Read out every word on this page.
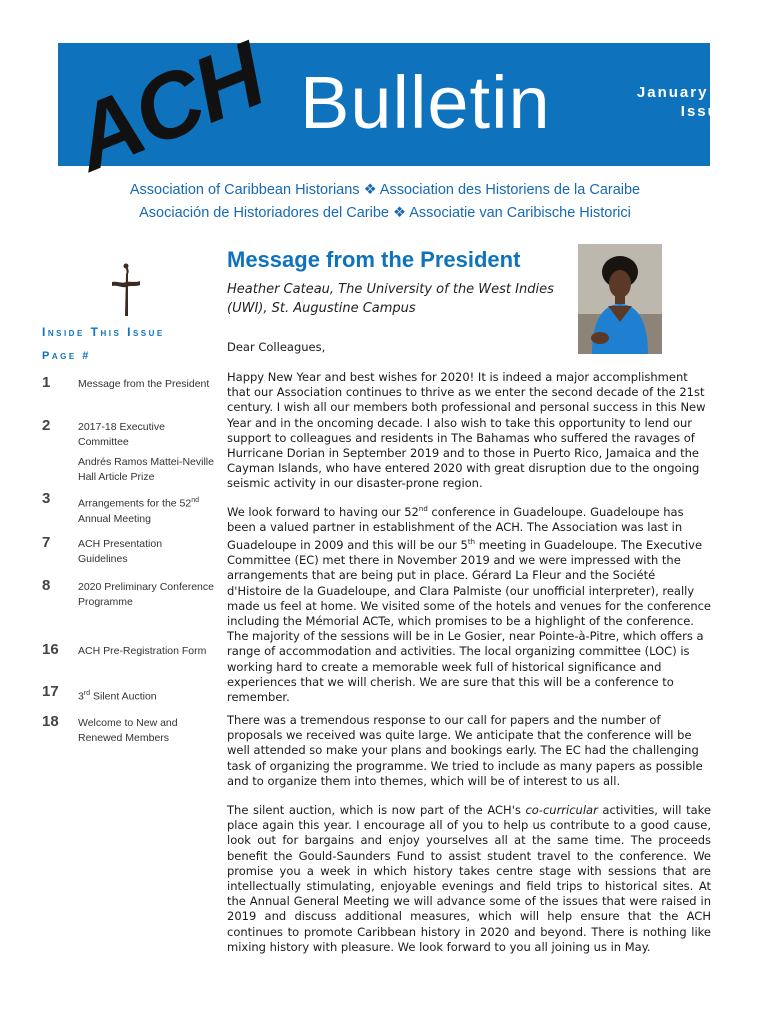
ACH Bulletin	January 2020
Issue 91
Association of Caribbean Historians ❖ Association des Historiens de la Caraibe
Asociación de Historiadores del Caribe ❖ Associatie van Caribische Historici
Inside This Issue
Page #
1	Message from the President
2	2017-18 Executive Committee
Andrés Ramos Mattei-Neville Hall Article Prize
3	Arrangements for the 52nd Annual Meeting
7	ACH Presentation Guidelines
8	2020 Preliminary Conference Programme
16 ACH Pre-Registration Form
17 3rd Silent Auction
18 Welcome to New and Renewed Members
Message from the President
Heather Cateau, The University of the West Indies (UWI), St. Augustine Campus
Dear Colleagues,
Happy New Year and best wishes for 2020! It is indeed a major accomplishment that our Association continues to thrive as we enter the second decade of the 21st century. I wish all our members both professional and personal success in this New Year and in the oncoming decade. I also wish to take this opportunity to lend our support to colleagues and residents in The Bahamas who suffered the ravages of Hurricane Dorian in September 2019 and to those in Puerto Rico, Jamaica and the Cayman Islands, who have entered 2020 with great disruption due to the ongoing seismic activity in our disaster-prone region.
We look forward to having our 52nd conference in Guadeloupe. Guadeloupe has been a valued partner in establishment of the ACH. The Association was last in Guadeloupe in 2009 and this will be our 5th meeting in Guadeloupe. The Executive Committee (EC) met there in November 2019 and we were impressed with the arrangements that are being put in place. Gérard La Fleur and the Société d'Histoire de la Guadeloupe, and Clara Palmiste (our unofficial interpreter), really made us feel at home. We visited some of the hotels and venues for the conference including the Mémorial ACTe, which promises to be a highlight of the conference. The majority of the sessions will be in Le Gosier, near Pointe-à-Pitre, which offers a range of accommodation and activities. The local organizing committee (LOC) is working hard to create a memorable week full of historical significance and experiences that we will cherish. We are sure that this will be a conference to remember.
There was a tremendous response to our call for papers and the number of proposals we received was quite large. We anticipate that the conference will be well attended so make your plans and bookings early. The EC had the challenging task of organizing the programme. We tried to include as many papers as possible and to organize them into themes, which will be of interest to us all.
The silent auction, which is now part of the ACH's co-curricular activities, will take place again this year. I encourage all of you to help us contribute to a good cause, look out for bargains and enjoy yourselves all at the same time. The proceeds benefit the Gould-Saunders Fund to assist student travel to the conference. We promise you a week in which history takes centre stage with sessions that are intellectually stimulating, enjoyable evenings and field trips to historical sites. At the Annual General Meeting we will advance some of the issues that were raised in 2019 and discuss additional measures, which will help ensure that the ACH continues to promote Caribbean history in 2020 and beyond. There is nothing like mixing history with pleasure. We look forward to you all joining us in May.
